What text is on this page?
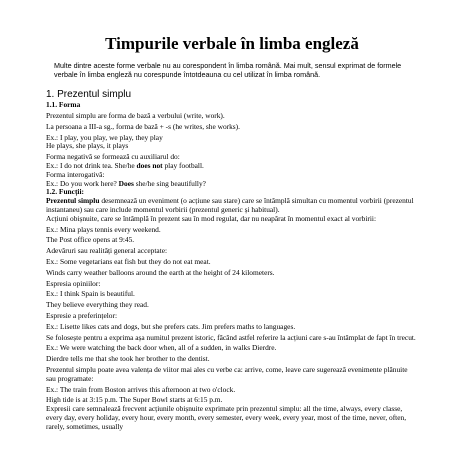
Timpurile verbale în limba engleză
Multe dintre aceste forme verbale nu au corespondent în limba română. Mai mult, sensul exprimat de formele verbale în limba engleză nu corespunde întotdeauna cu cel utilizat în limba română.
1. Prezentul simplu
1.1. Forma
Prezentul simplu are forma de bază a verbului (write, work).
La persoana a III-a sg., forma de bază + -s (he writes, she works).
Ex.: I play, you play, we play, they play
He plays, she plays, it plays
Forma negativă se formează cu auxiliarul do:
Ex.: I do not drink tea. She/he does not play football.
Forma interogativă:
Ex.: Do you work here? Does she/he sing beautifully?
1.2. Funcții:
Prezentul simplu desemnează un eveniment (o acțiune sau stare) care se întâmplă simultan cu momentul vorbirii (prezentul instantaneu) sau care include momentul vorbirii (prezentul generic și habitual).
Acțiuni obișnuite, care se întâmplă în prezent sau în mod regulat, dar nu neapărat în momentul exact al vorbirii:
Ex.: Mina plays tennis every weekend.
The Post office opens at 9:45.
Adevăruri sau realități general acceptate:
Ex.: Some vegetarians eat fish but they do not eat meat.
Winds carry weather balloons around the earth at the height of 24 kilometers.
Espresia opiniilor:
Ex.: I think Spain is beautiful.
They believe everything they read.
Espresie a preferințelor:
Ex.: Lisette likes cats and dogs, but she prefers cats. Jim prefers maths to languages.
Se folosește pentru a exprima așa numitul prezent istoric, făcând astfel referire la acțiuni care s-au întâmplat de fapt în trecut.
Ex.: We were watching the back door when, all of a sudden, in walks Dierdre.
Dierdre tells me that she took her brother to the dentist.
Prezentul simplu poate avea valența de viitor mai ales cu verbe ca: arrive, come, leave care sugerează evenimente plănuite sau programate:
Ex.: The train from Boston arrives this afternoon at two o'clock.
High tide is at 3:15 p.m. The Super Bowl starts at 6:15 p.m.
Expresii care semnalează frecvent acțiunile obișnuite exprimate prin prezentul simplu: all the time, always, every classe, every day, every holiday, every hour, every month, every semester, every week, every year, most of the time, never, often, rarely, sometimes, usually
